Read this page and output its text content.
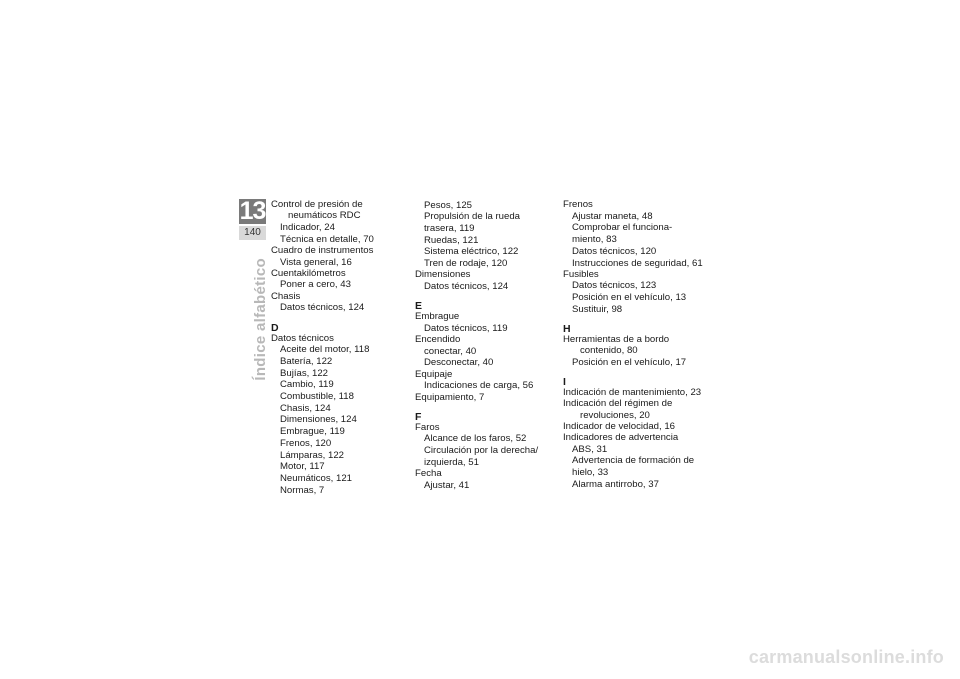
13
140
Índice alfabético
Control de presión de
neumáticos RDC
Indicador, 24
Técnica en detalle, 70
Cuadro de instrumentos
Vista general, 16
Cuentakilómetros
Poner a cero, 43
Chasis
Datos técnicos, 124
D
Datos técnicos
Aceite del motor, 118
Batería, 122
Bujías, 122
Cambio, 119
Combustible, 118
Chasis, 124
Dimensiones, 124
Embrague, 119
Frenos, 120
Lámparas, 122
Motor, 117
Neumáticos, 121
Normas, 7
Pesos, 125
Propulsión de la rueda
trasera, 119
Ruedas, 121
Sistema eléctrico, 122
Tren de rodaje, 120
Dimensiones
Datos técnicos, 124
E
Embrague
Datos técnicos, 119
Encendido
conectar, 40
Desconectar, 40
Equipaje
Indicaciones de carga, 56
Equipamiento, 7
F
Faros
Alcance de los faros, 52
Circulación por la derecha/
izquierda, 51
Fecha
Ajustar, 41
Frenos
Ajustar maneta, 48
Comprobar el funciona-
miento, 83
Datos técnicos, 120
Instrucciones de seguridad, 61
Fusibles
Datos técnicos, 123
Posición en el vehículo, 13
Sustituir, 98
H
Herramientas de a bordo
contenido, 80
Posición en el vehículo, 17
I
Indicación de mantenimiento, 23
Indicación del régimen de
revoluciones, 20
Indicador de velocidad, 16
Indicadores de advertencia
ABS, 31
Advertencia de formación de
hielo, 33
Alarma antirrobo, 37
carmanualsonline.info
